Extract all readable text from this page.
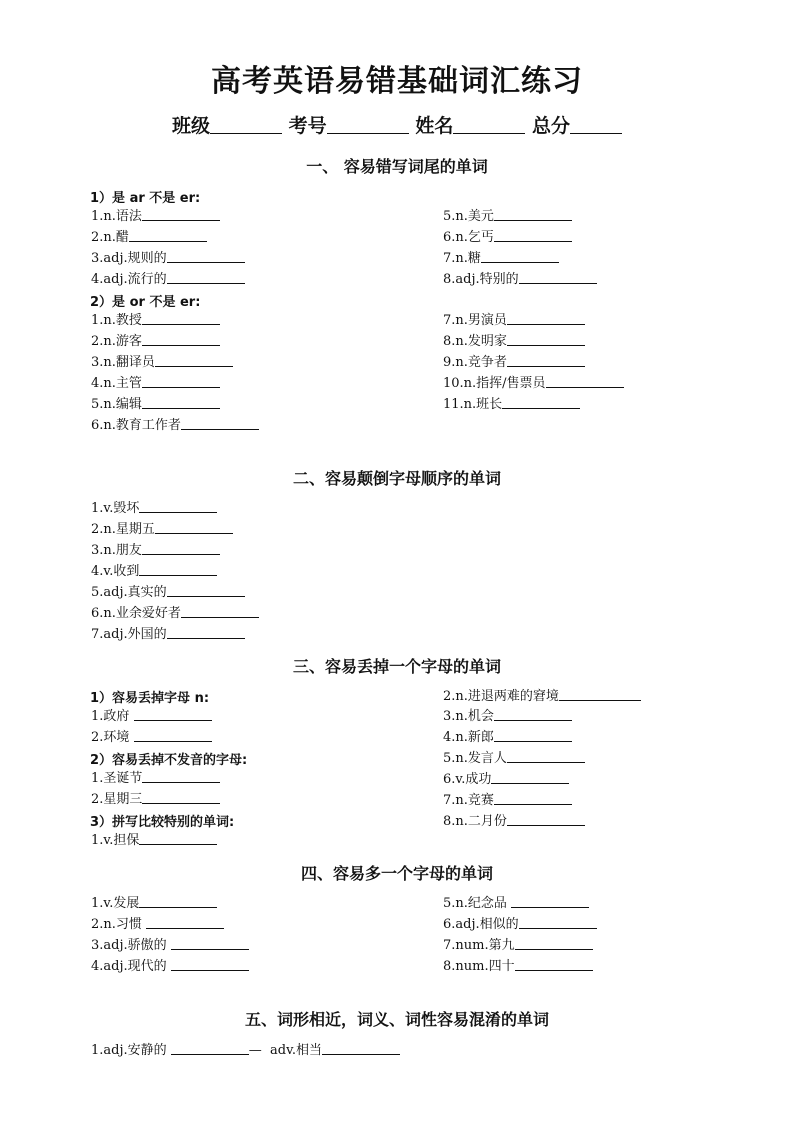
高考英语易错基础词汇练习
班级	考号	姓名	总分
一、 容易错写词尾的单词
1）是 ar 不是 er:
1.n.语法
2.n.醋
3.adj.规则的
4.adj.流行的
5.n.美元
6.n.乞丐
7.n.糖
8.adj.特别的
2）是 or 不是 er:
1.n.教授
2.n.游客
3.n.翻译员
4.n.主管
5.n.编辑
6.n.教育工作者
7.n.男演员
8.n.发明家
9.n.竞争者
10.n.指挥/售票员
11.n.班长
二、容易颠倒字母顺序的单词
1.v.毁坏
2.n.星期五
3.n.朋友
4.v.收到
5.adj.真实的
6.n.业余爱好者
7.adj.外国的
三、容易丢掉一个字母的单词
1）容易丢掉字母 n:
1.政府
2.环境
2）容易丢掉不发音的字母:
1.圣诞节
2.星期三
3）拼写比较特别的单词:
1.v.担保
2.n.进退两难的窘境
3.n.机会
4.n.新郎
5.n.发言人
6.v.成功
7.n.竞赛
8.n.二月份
四、容易多一个字母的单词
1.v.发展
2.n.习惯
3.adj.骄傲的
4.adj.现代的
5.n.纪念品
6.adj.相似的
7.num.第九
8.num.四十
五、词形相近，词义、词性容易混淆的单词
1.adj.安静的	— adv.相当
